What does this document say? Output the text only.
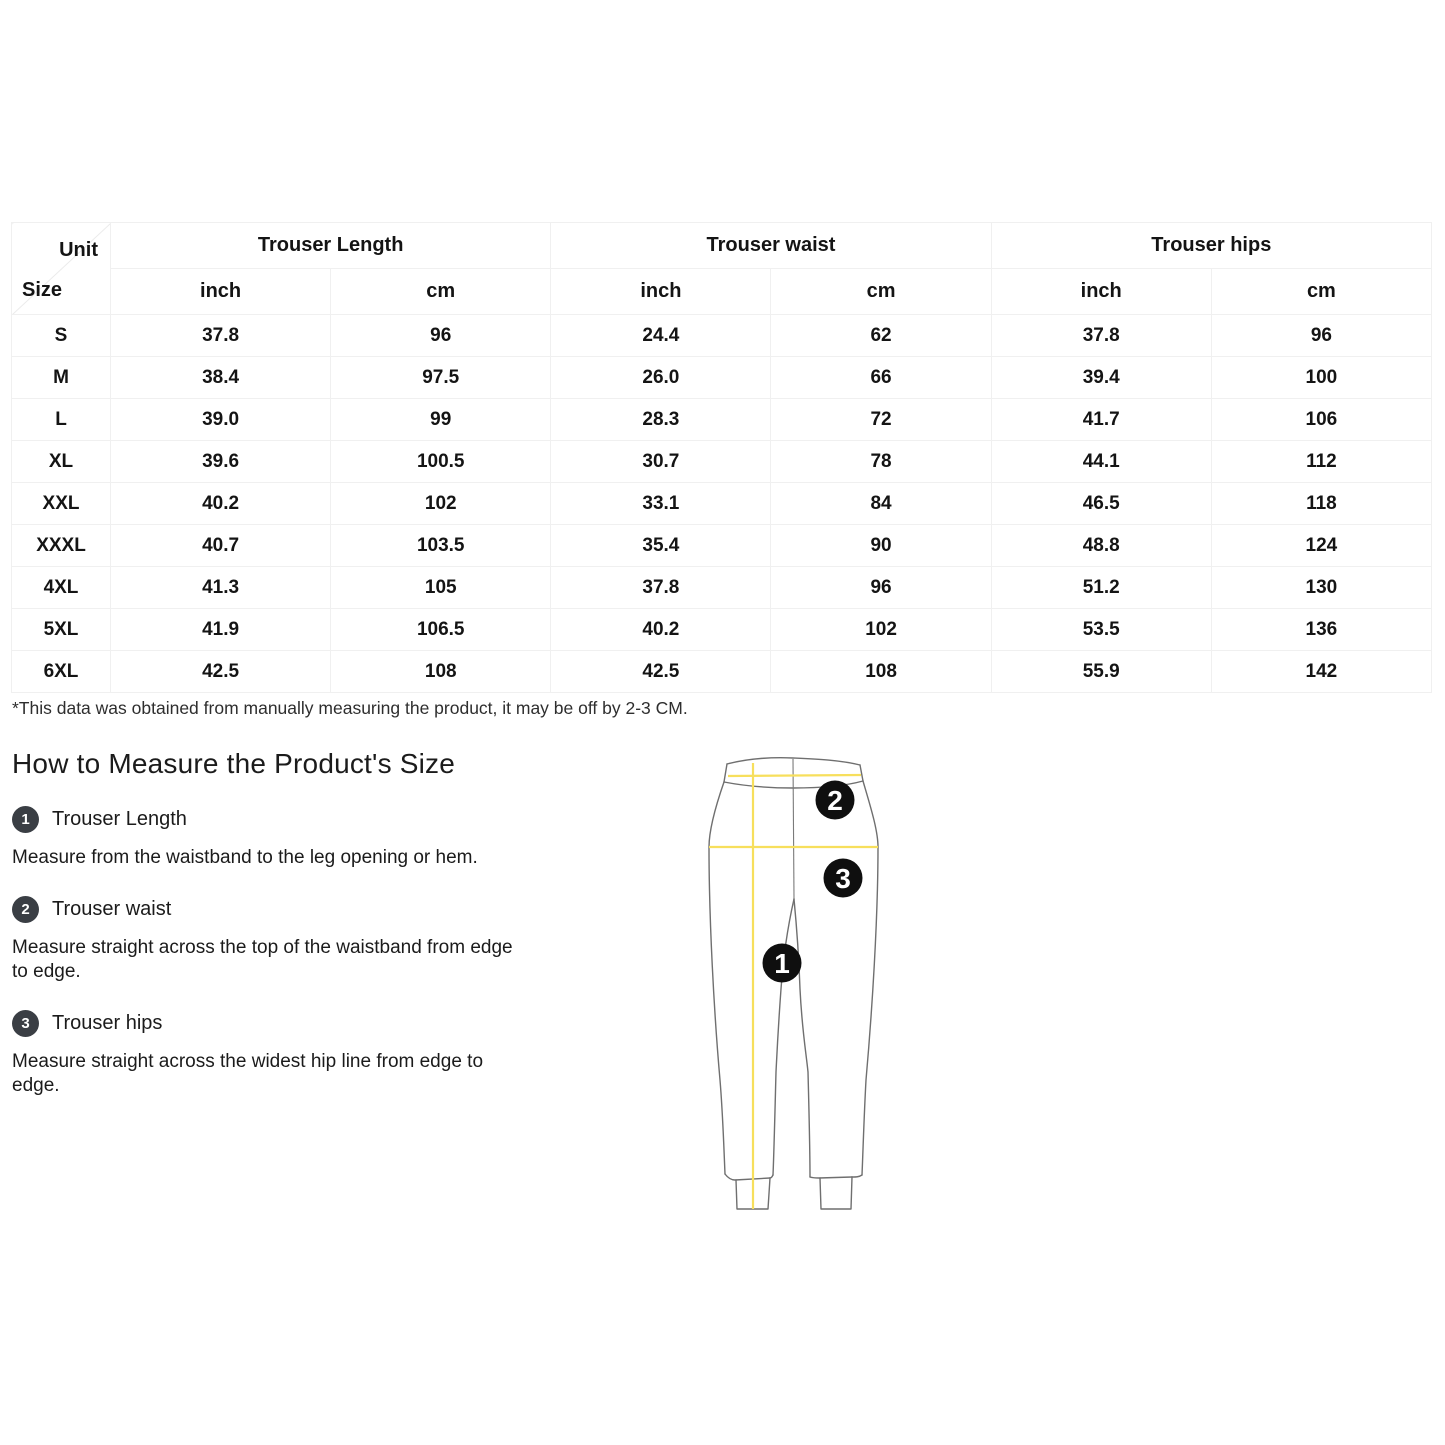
Unit
Size	Trouser Length		Trouser waist		Trouser hips	
	inch	cm	inch	cm	inch	cm
S	37.8	96	24.4	62	37.8	96
M	38.4	97.5	26.0	66	39.4	100
L	39.0	99	28.3	72	41.7	106
XL	39.6	100.5	30.7	78	44.1	112
XXL	40.2	102	33.1	84	46.5	118
XXXL	40.7	103.5	35.4	90	48.8	124
4XL	41.3	105	37.8	96	51.2	130
5XL	41.9	106.5	40.2	102	53.5	136
6XL	42.5	108	42.5	108	55.9	142

*This data was obtained from manually measuring the product, it may be off by 2-3 CM.

How to Measure the Product's Size
1	Trouser Length

Measure from the waistband to the leg opening or hem.

2	Trouser waist

Measure straight across the top of the waistband from edge to edge.

3	Trouser hips

Measure straight across the widest hip line from edge to edge.

2
3
1
